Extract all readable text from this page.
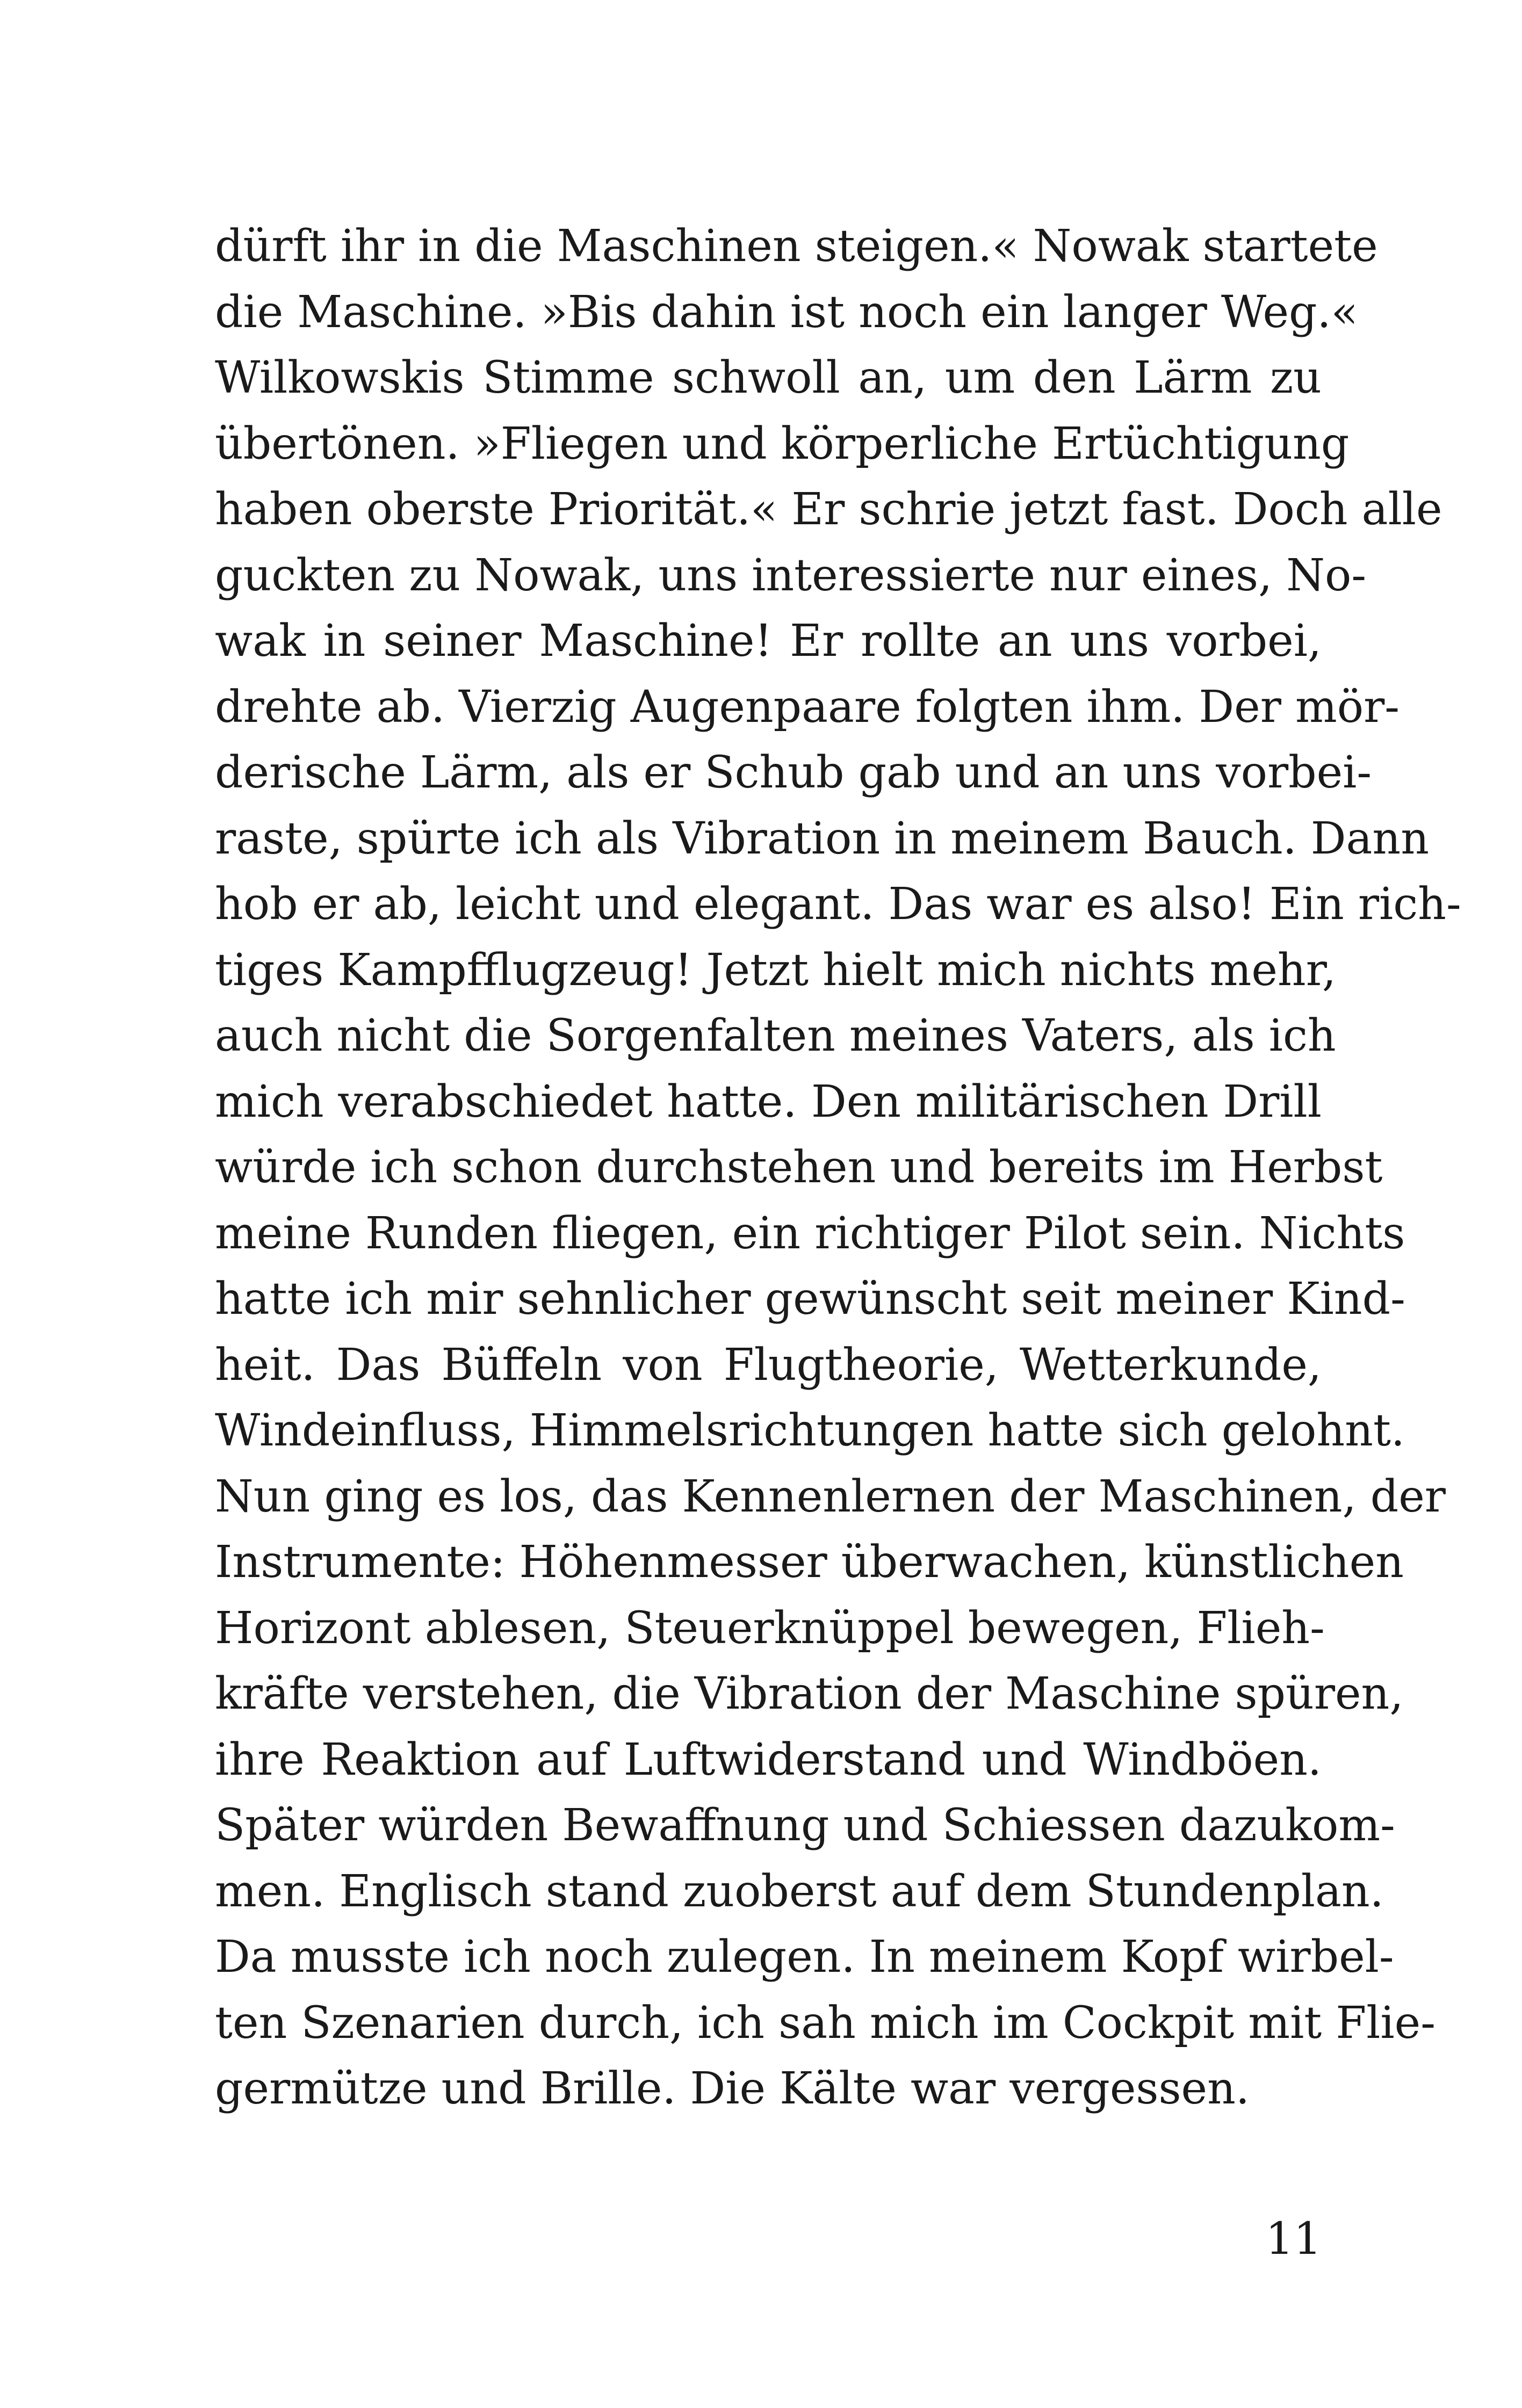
dürft ihr in die Maschinen steigen.« Nowak startete
die Maschine. »Bis dahin ist noch ein langer Weg.«
Wilkowskis Stimme schwoll an, um den Lärm zu
übertönen. »Fliegen und körperliche Ertüchtigung
haben oberste Priorität.« Er schrie jetzt fast. Doch alle
guckten zu Nowak, uns interessierte nur eines, No-
wak in seiner Maschine! Er rollte an uns vorbei,
drehte ab. Vierzig Augenpaare folgten ihm. Der mör-
derische Lärm, als er Schub gab und an uns vorbei-
raste, spürte ich als Vibration in meinem Bauch. Dann
hob er ab, leicht und elegant. Das war es also! Ein rich-
tiges Kampfflugzeug! Jetzt hielt mich nichts mehr,
auch nicht die Sorgenfalten meines Vaters, als ich
mich verabschiedet hatte. Den militärischen Drill
würde ich schon durchstehen und bereits im Herbst
meine Runden fliegen, ein richtiger Pilot sein. Nichts
hatte ich mir sehnlicher gewünscht seit meiner Kind-
heit. Das Büffeln von Flugtheorie, Wetterkunde,
Windeinfluss, Himmelsrichtungen hatte sich gelohnt.
Nun ging es los, das Kennenlernen der Maschinen, der
Instrumente: Höhenmesser überwachen, künstlichen
Horizont ablesen, Steuerknüppel bewegen, Flieh-
kräfte verstehen, die Vibration der Maschine spüren,
ihre Reaktion auf Luftwiderstand und Windböen.
Später würden Bewaffnung und Schiessen dazukom-
men. Englisch stand zuoberst auf dem Stundenplan.
Da musste ich noch zulegen. In meinem Kopf wirbel-
ten Szenarien durch, ich sah mich im Cockpit mit Flie-
germütze und Brille. Die Kälte war vergessen.
11
